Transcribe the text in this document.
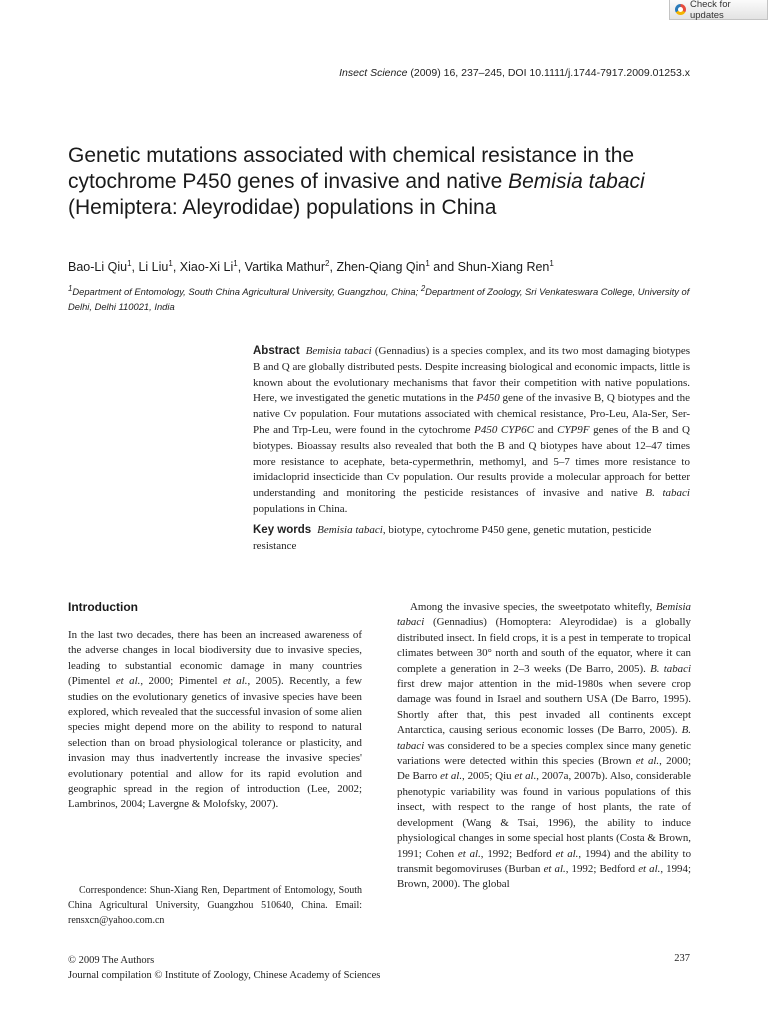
Check for updates
Insect Science (2009) 16, 237–245, DOI 10.1111/j.1744-7917.2009.01253.x
Genetic mutations associated with chemical resistance in the cytochrome P450 genes of invasive and native Bemisia tabaci (Hemiptera: Aleyrodidae) populations in China
Bao-Li Qiu$^1$, Li Liu$^1$, Xiao-Xi Li$^1$, Vartika Mathur$^2$, Zhen-Qiang Qin$^1$ and Shun-Xiang Ren$^1$
$^1$Department of Entomology, South China Agricultural University, Guangzhou, China; $^2$Department of Zoology, Sri Venkateswara College, University of Delhi, Delhi 110021, India
Abstract Bemisia tabaci (Gennadius) is a species complex, and its two most damaging biotypes B and Q are globally distributed pests. Despite increasing biological and economic impacts, little is known about the evolutionary mechanisms that favor their competition with native populations. Here, we investigated the genetic mutations in the P450 gene of the invasive B, Q biotypes and the native Cv population. Four mutations associated with chemical resistance, Pro-Leu, Ala-Ser, Ser-Phe and Trp-Leu, were found in the cytochrome P450 CYP6C and CYP9F genes of the B and Q biotypes. Bioassay results also revealed that both the B and Q biotypes have about 12–47 times more resistance to acephate, beta-cypermethrin, methomyl, and 5–7 times more resistance to imidacloprid insecticide than Cv population. Our results provide a molecular approach for better understanding and monitoring the pesticide resistances of invasive and native B. tabaci populations in China.
Key words Bemisia tabaci, biotype, cytochrome P450 gene, genetic mutation, pesticide resistance
Introduction

In the last two decades, there has been an increased awareness of the adverse changes in local biodiversity due to invasive species, leading to substantial economic damage in many countries (Pimentel et al., 2000; Pimentel et al., 2005). Recently, a few studies on the evolutionary genetics of invasive species have been explored, which revealed that the successful invasion of some alien species might depend more on the ability to respond to natural selection than on broad physiological tolerance or plasticity, and invasion may thus inadvertently increase the invasive species' evolutionary potential and allow for its rapid evolution and geographic spread in the region of introduction (Lee, 2002; Lambrinos, 2004; Lavergne & Molofsky, 2007).

Among the invasive species, the sweetpotato whitefly, Bemisia tabaci (Gennadius) (Homoptera: Aleyrodidae) is a globally distributed insect. In field crops, it is a pest in temperate to tropical climates between 30° north and south of the equator, where it can complete a generation in 2–3 weeks (De Barro, 2005). B. tabaci first drew major attention in the mid-1980s when severe crop damage was found in Israel and southern USA (De Barro, 1995). Shortly after that, this pest invaded all continents except Antarctica, causing serious economic losses (De Barro, 2005). B. tabaci was considered to be a species complex since many genetic variations were detected within this species (Brown et al., 2000; De Barro et al., 2005; Qiu et al., 2007a, 2007b). Also, considerable phenotypic variability was found in various populations of this insect, with respect to the range of host plants, the rate of development (Wang & Tsai, 1996), the ability to induce physiological changes in some special host plants (Costa & Brown, 1991; Cohen et al., 1992; Bedford et al., 1994) and the ability to transmit begomoviruses (Burban et al., 1992; Bedford et al., 1994; Brown, 2000). The global

Correspondence: Shun-Xiang Ren, Department of Entomology, South China Agricultural University, Guangzhou 510640, China. Email: rensxcn@yahoo.com.cn
© 2009 The Authors
Journal compilation © Institute of Zoology, Chinese Academy of Sciences
237
